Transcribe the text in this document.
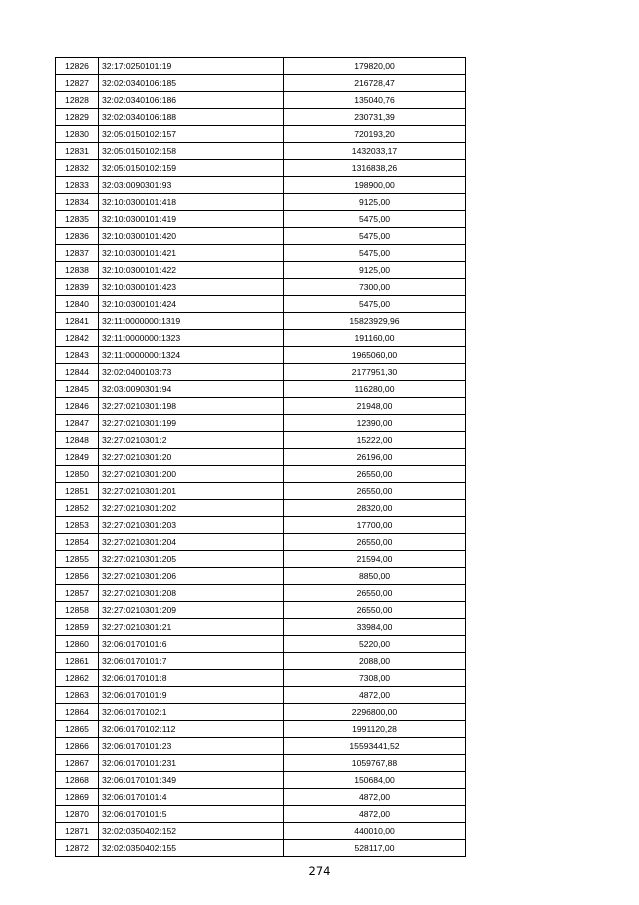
12826	32:17:0250101:19	179820,00
12827	32:02:0340106:185	216728,47
12828	32:02:0340106:186	135040,76
12829	32:02:0340106:188	230731,39
12830	32:05:0150102:157	720193,20
12831	32:05:0150102:158	1432033,17
12832	32:05:0150102:159	1316838,26
12833	32:03:0090301:93	198900,00
12834	32:10:0300101:418	9125,00
12835	32:10:0300101:419	5475,00
12836	32:10:0300101:420	5475,00
12837	32:10:0300101:421	5475,00
12838	32:10:0300101:422	9125,00
12839	32:10:0300101:423	7300,00
12840	32:10:0300101:424	5475,00
12841	32:11:0000000:1319	15823929,96
12842	32:11:0000000:1323	191160,00
12843	32:11:0000000:1324	1965060,00
12844	32:02:0400103:73	2177951,30
12845	32:03:0090301:94	116280,00
12846	32:27:0210301:198	21948,00
12847	32:27:0210301:199	12390,00
12848	32:27:0210301:2	15222,00
12849	32:27:0210301:20	26196,00
12850	32:27:0210301:200	26550,00
12851	32:27:0210301:201	26550,00
12852	32:27:0210301:202	28320,00
12853	32:27:0210301:203	17700,00
12854	32:27:0210301:204	26550,00
12855	32:27:0210301:205	21594,00
12856	32:27:0210301:206	8850,00
12857	32:27:0210301:208	26550,00
12858	32:27:0210301:209	26550,00
12859	32:27:0210301:21	33984,00
12860	32:06:0170101:6	5220,00
12861	32:06:0170101:7	2088,00
12862	32:06:0170101:8	7308,00
12863	32:06:0170101:9	4872,00
12864	32:06:0170102:1	2296800,00
12865	32:06:0170102:112	1991120,28
12866	32:06:0170101:23	15593441,52
12867	32:06:0170101:231	1059767,88
12868	32:06:0170101:349	150684,00
12869	32:06:0170101:4	4872,00
12870	32:06:0170101:5	4872,00
12871	32:02:0350402:152	440010,00
12872	32:02:0350402:155	528117,00
274
